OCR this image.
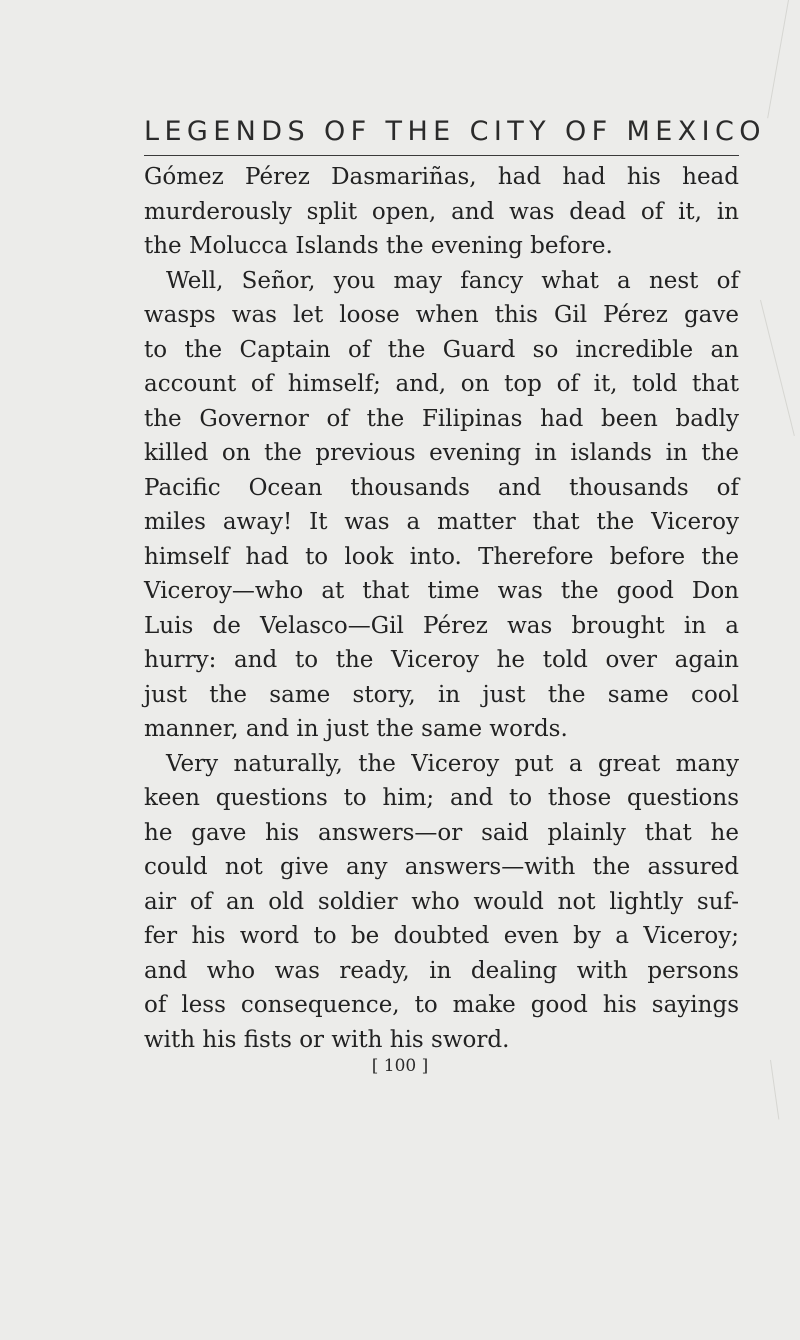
LEGENDS OF THE CITY OF MEXICO
Gómez Pérez Dasmariñas, had had his head
murderously split open, and was dead of it, in
the Molucca Islands the evening before.
Well, Señor, you may fancy what a nest of
wasps was let loose when this Gil Pérez gave
to the Captain of the Guard so incredible an
account of himself; and, on top of it, told that
the Governor of the Filipinas had been badly
killed on the previous evening in islands in the
Pacific Ocean thousands and thousands of
miles away! It was a matter that the Viceroy
himself had to look into. Therefore before the
Viceroy—who at that time was the good Don
Luis de Velasco—Gil Pérez was brought in a
hurry: and to the Viceroy he told over again
just the same story, in just the same cool
manner, and in just the same words.
Very naturally, the Viceroy put a great many
keen questions to him; and to those questions
he gave his answers—or said plainly that he
could not give any answers—with the assured
air of an old soldier who would not lightly suf-
fer his word to be doubted even by a Viceroy;
and who was ready, in dealing with persons
of less consequence, to make good his sayings
with his fists or with his sword.
[ 100 ]
